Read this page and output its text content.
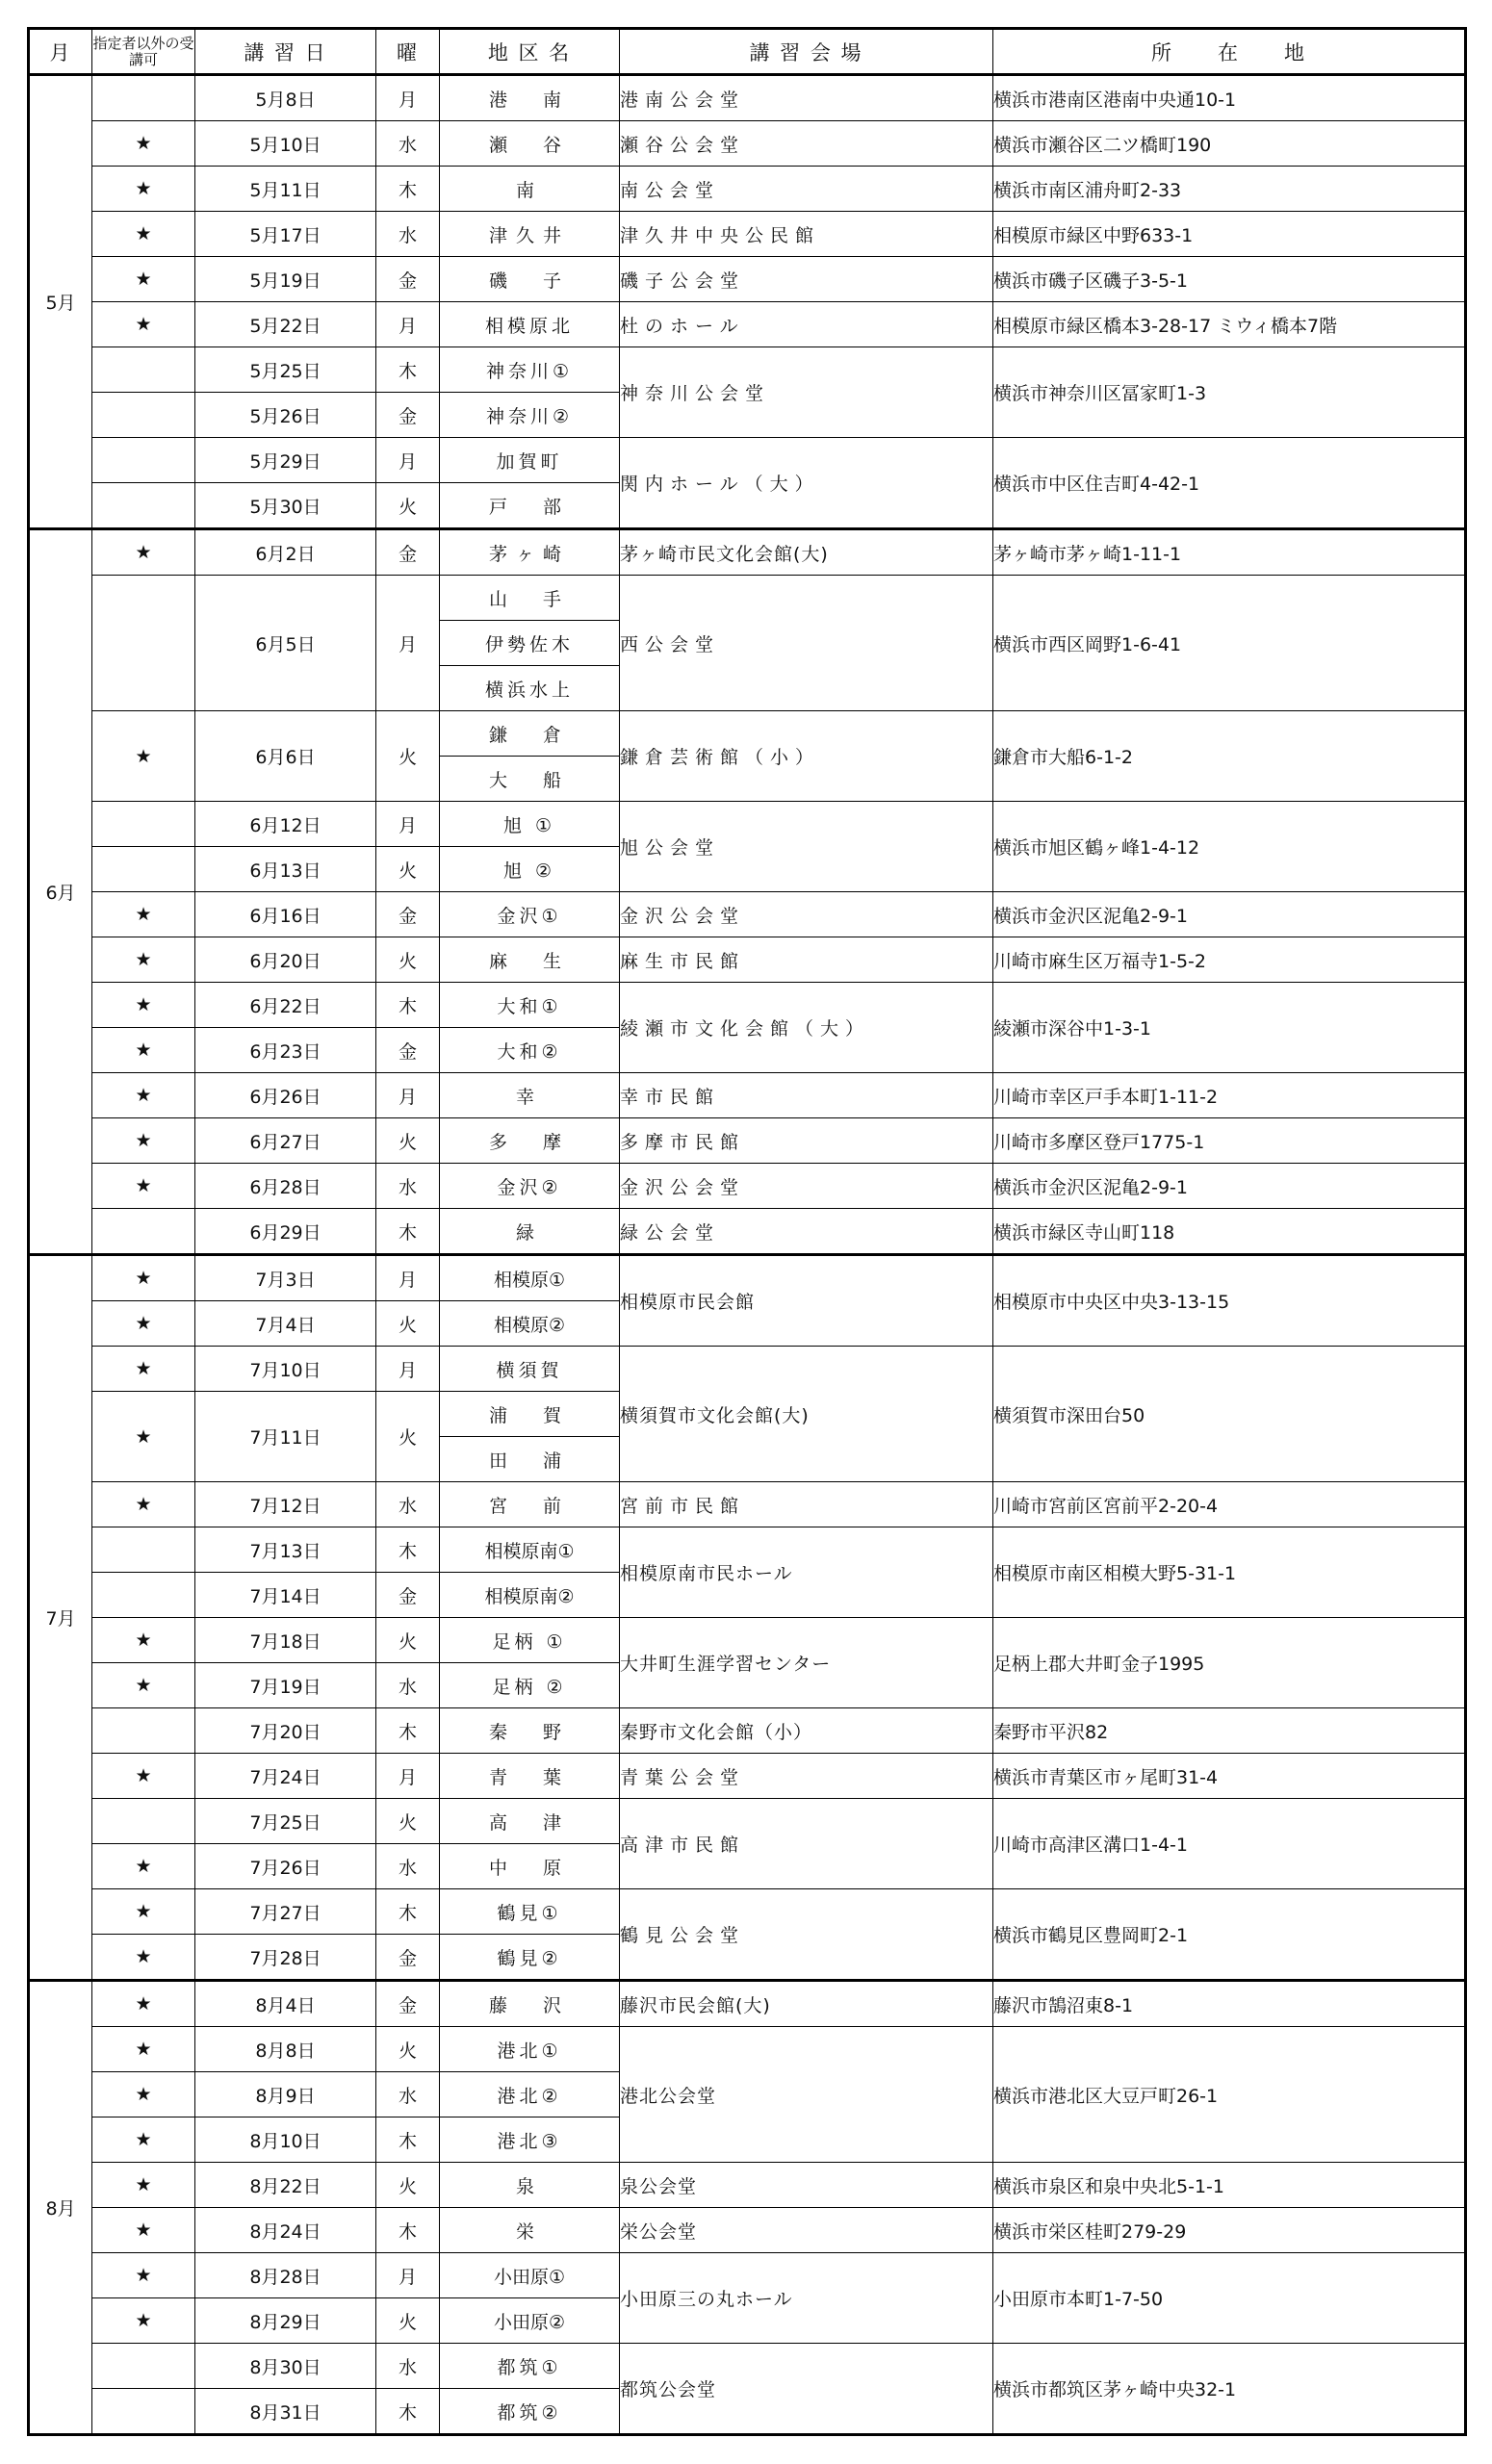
月	指定者以外の受講可	講 習 日	曜	地 区 名	講 習 会 場	所　　在　　地
5月		5月8日	月	港　南	港南公会堂	横浜市港南区港南中央通10-1
	★	5月10日	水	瀬　谷	瀬谷公会堂	横浜市瀬谷区二ツ橋町190
	★	5月11日	木	南	南公会堂	横浜市南区浦舟町2-33
	★	5月17日	水	津久井	津久井中央公民館	相模原市緑区中野633-1
	★	5月19日	金	磯　子	磯子公会堂	横浜市磯子区磯子3-5-1
	★	5月22日	月	相模原北	杜のホール	相模原市緑区橋本3-28-17 ミウィ橋本7階
		5月25日	木	神奈川①	神奈川公会堂	横浜市神奈川区冨家町1-3
		5月26日	金	神奈川②		
		5月29日	月	加賀町	関内ホール（大）	横浜市中区住吉町4-42-1
		5月30日	火	戸　部		
6月	★	6月2日	金	茅ヶ崎	茅ヶ崎市民文化会館(大)	茅ヶ崎市茅ヶ崎1-11-1
		6月5日	月	山　手	西公会堂	横浜市西区岡野1-6-41
				伊勢佐木		
				横浜水上		
	★	6月6日	火	鎌　倉	鎌倉芸術館（小）	鎌倉市大船6-1-2
				大　船		
		6月12日	月	旭 ①	旭公会堂	横浜市旭区鶴ヶ峰1-4-12
		6月13日	火	旭 ②		
	★	6月16日	金	金沢①	金沢公会堂	横浜市金沢区泥亀2-9-1
	★	6月20日	火	麻　生	麻生市民館	川崎市麻生区万福寺1-5-2
	★	6月22日	木	大和①	綾瀬市文化会館（大）	綾瀬市深谷中1-3-1
	★	6月23日	金	大和②		
	★	6月26日	月	幸	幸市民館	川崎市幸区戸手本町1-11-2
	★	6月27日	火	多　摩	多摩市民館	川崎市多摩区登戸1775-1
	★	6月28日	水	金沢②	金沢公会堂	横浜市金沢区泥亀2-9-1
		6月29日	木	緑	緑公会堂	横浜市緑区寺山町118
7月	★	7月3日	月	相模原①	相模原市民会館	相模原市中央区中央3-13-15
	★	7月4日	火	相模原②		
	★	7月10日	月	横須賀	横須賀市文化会館(大)	横須賀市深田台50
	★	7月11日	火	浦　賀		
				田　浦		
	★	7月12日	水	宮　前	宮前市民館	川崎市宮前区宮前平2-20-4
		7月13日	木	相模原南①	相模原南市民ホール	相模原市南区相模大野5-31-1
		7月14日	金	相模原南②		
	★	7月18日	火	足柄 ①	大井町生涯学習センター	足柄上郡大井町金子1995
	★	7月19日	水	足柄 ②		
		7月20日	木	秦　野	秦野市文化会館（小）	秦野市平沢82
	★	7月24日	月	青　葉	青葉公会堂	横浜市青葉区市ヶ尾町31-4
		7月25日	火	高　津	高津市民館	川崎市高津区溝口1-4-1
	★	7月26日	水	中　原		
	★	7月27日	木	鶴見①	鶴見公会堂	横浜市鶴見区豊岡町2-1
	★	7月28日	金	鶴見②		
8月	★	8月4日	金	藤　沢	藤沢市民会館(大)	藤沢市鵠沼東8-1
	★	8月8日	火	港北①	港北公会堂	横浜市港北区大豆戸町26-1
	★	8月9日	水	港北②		
	★	8月10日	木	港北③		
	★	8月22日	火	泉	泉公会堂	横浜市泉区和泉中央北5-1-1
	★	8月24日	木	栄	栄公会堂	横浜市栄区桂町279-29
	★	8月28日	月	小田原①	小田原三の丸ホール	小田原市本町1-7-50
	★	8月29日	火	小田原②		
		8月30日	水	都筑①	都筑公会堂	横浜市都筑区茅ヶ崎中央32-1
		8月31日	木	都筑②		
